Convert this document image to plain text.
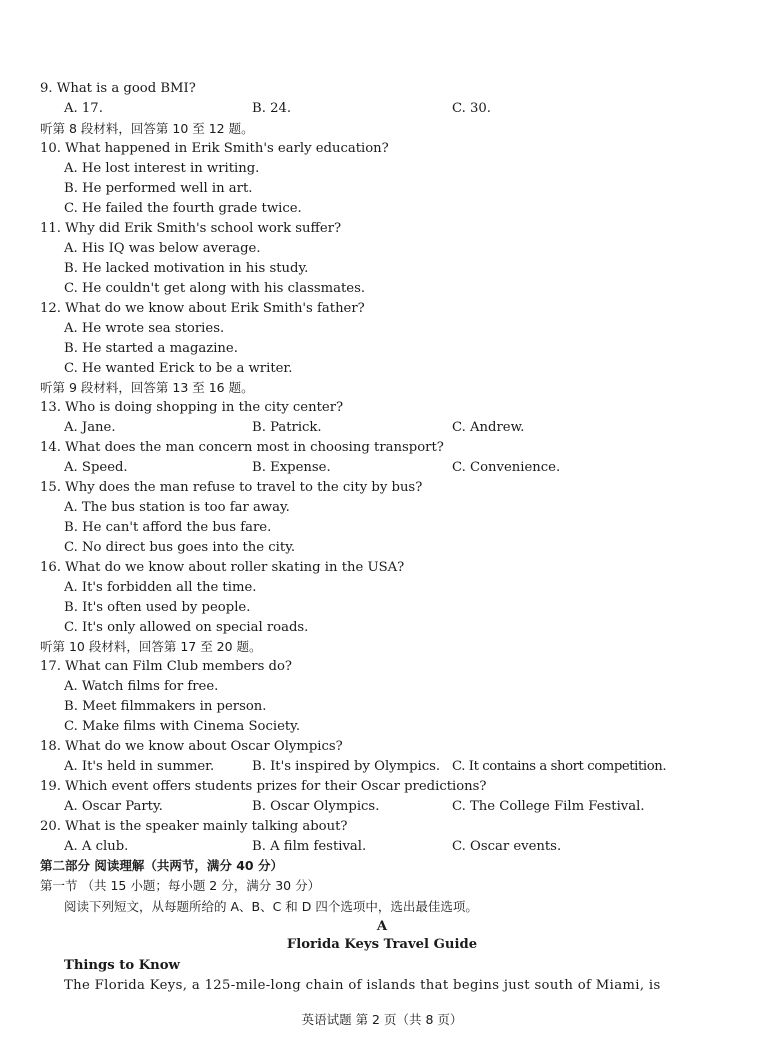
9. What is a good BMI?
A. 17.	B. 24.	C. 30.
听第 8 段材料，回答第 10 至 12 题。
10. What happened in Erik Smith's early education?
A. He lost interest in writing.
B. He performed well in art.
C. He failed the fourth grade twice.
11. Why did Erik Smith's school work suffer?
A. His IQ was below average.
B. He lacked motivation in his study.
C. He couldn't get along with his classmates.
12. What do we know about Erik Smith's father?
A. He wrote sea stories.
B. He started a magazine.
C. He wanted Erick to be a writer.
听第 9 段材料，回答第 13 至 16 题。
13. Who is doing shopping in the city center?
A. Jane.	B. Patrick.	C. Andrew.
14. What does the man concern most in choosing transport?
A. Speed.	B. Expense.	C. Convenience.
15. Why does the man refuse to travel to the city by bus?
A. The bus station is too far away.
B. He can't afford the bus fare.
C. No direct bus goes into the city.
16. What do we know about roller skating in the USA?
A. It's forbidden all the time.
B. It's often used by people.
C. It's only allowed on special roads.
听第 10 段材料，回答第 17 至 20 题。
17. What can Film Club members do?
A. Watch films for free.
B. Meet filmmakers in person.
C. Make films with Cinema Society.
18. What do we know about Oscar Olympics?
A. It's held in summer.	B. It's inspired by Olympics. C. It contains a short competition.
19. Which event offers students prizes for their Oscar predictions?
A. Oscar Party.	B. Oscar Olympics.	C. The College Film Festival.
20. What is the speaker mainly talking about?
A. A club.	B. A film festival.	C. Oscar events.
第二部分 阅读理解（共两节，满分 40 分）
第一节 （共 15 小题；每小题 2 分，满分 30 分）
阅读下列短文，从每题所给的 A、B、C 和 D 四个选项中，选出最佳选项。
A
Florida Keys Travel Guide
Things to Know
The Florida Keys, a 125-mile-long chain of islands that begins just south of Miami, is
英语试题 第 2 页（共 8 页）
